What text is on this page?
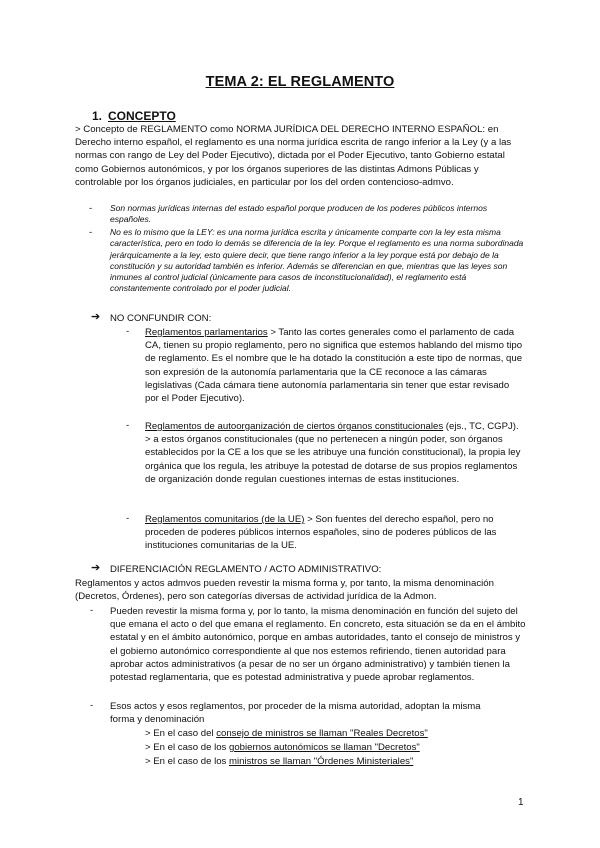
TEMA 2: EL REGLAMENTO
1. CONCEPTO

> Concepto de REGLAMENTO como NORMA JURÍDICA DEL DERECHO INTERNO ESPAÑOL: en Derecho interno español, el reglamento es una norma jurídica escrita de rango inferior a la Ley (y a las normas con rango de Ley del Poder Ejecutivo), dictada por el Poder Ejecutivo, tanto Gobierno estatal como Gobiernos autonómicos, y por los órganos superiores de las distintas Admons Públicas y controlable por los órganos judiciales, en particular por los del orden contencioso-admvo.

- Son normas jurídicas internas del estado español porque producen de los poderes públicos internos españoles.
- No es lo mismo que la LEY: es una norma jurídica escrita y únicamente comparte con la ley esta misma característica, pero en todo lo demás se diferencia de la ley. Porque el reglamento es una norma subordinada jerárquicamente a la ley, esto quiere decir, que tiene rango inferior a la ley porque está por debajo de la constitución y su autoridad también es inferior. Además se diferencian en que, mientras que las leyes son inmunes al control judicial (únicamente para casos de inconstitucionalidad), el reglamento está constantemente controlado por el poder judicial.
➔ NO CONFUNDIR CON:
- Reglamentos parlamentarios > Tanto las cortes generales como el parlamento de cada CA, tienen su propio reglamento, pero no significa que estemos hablando del mismo tipo de reglamento. Es el nombre que le ha dotado la constitución a este tipo de normas, que son expresión de la autonomía parlamentaria que la CE reconoce a las cámaras legislativas (Cada cámara tiene autonomía parlamentaria sin tener que estar revisado por el Poder Ejecutivo).
- Reglamentos de autoorganización de ciertos órganos constitucionales (ejs., TC, CGPJ). > a estos órganos constitucionales (que no pertenecen a ningún poder, son órganos establecidos por la CE a los que se les atribuye una función constitucional), la propia ley orgánica que los regula, les atribuye la potestad de dotarse de sus propios reglamentos de organización donde regulan cuestiones internas de estas instituciones.
- Reglamentos comunitarios (de la UE) > Son fuentes del derecho español, pero no proceden de poderes públicos internos españoles, sino de poderes públicos de las instituciones comunitarias de la UE.
➔ DIFERENCIACIÓN REGLAMENTO / ACTO ADMINISTRATIVO:

Reglamentos y actos admvos pueden revestir la misma forma y, por tanto, la misma denominación (Decretos, Órdenes), pero son categorías diversas de actividad jurídica de la Admon.

- Pueden revestir la misma forma y, por lo tanto, la misma denominación en función del sujeto del que emana el acto o del que emana el reglamento. En concreto, esta situación se da en el ámbito estatal y en el ámbito autonómico, porque en ambas autoridades, tanto el consejo de ministros y el gobierno autonómico correspondiente al que nos estemos refiriendo, tienen autoridad para aprobar actos administrativos (a pesar de no ser un órgano administrativo) y también tienen la potestad reglamentaria, que es potestad administrativa y puede aprobar reglamentos.
- Esos actos y esos reglamentos, por proceder de la misma autoridad, adoptan la misma forma y denominación
> En el caso del consejo de ministros se llaman "Reales Decretos"
> En el caso de los gobiernos autonómicos se llaman "Decretos"
> En el caso de los ministros se llaman "Órdenes Ministeriales"
1
